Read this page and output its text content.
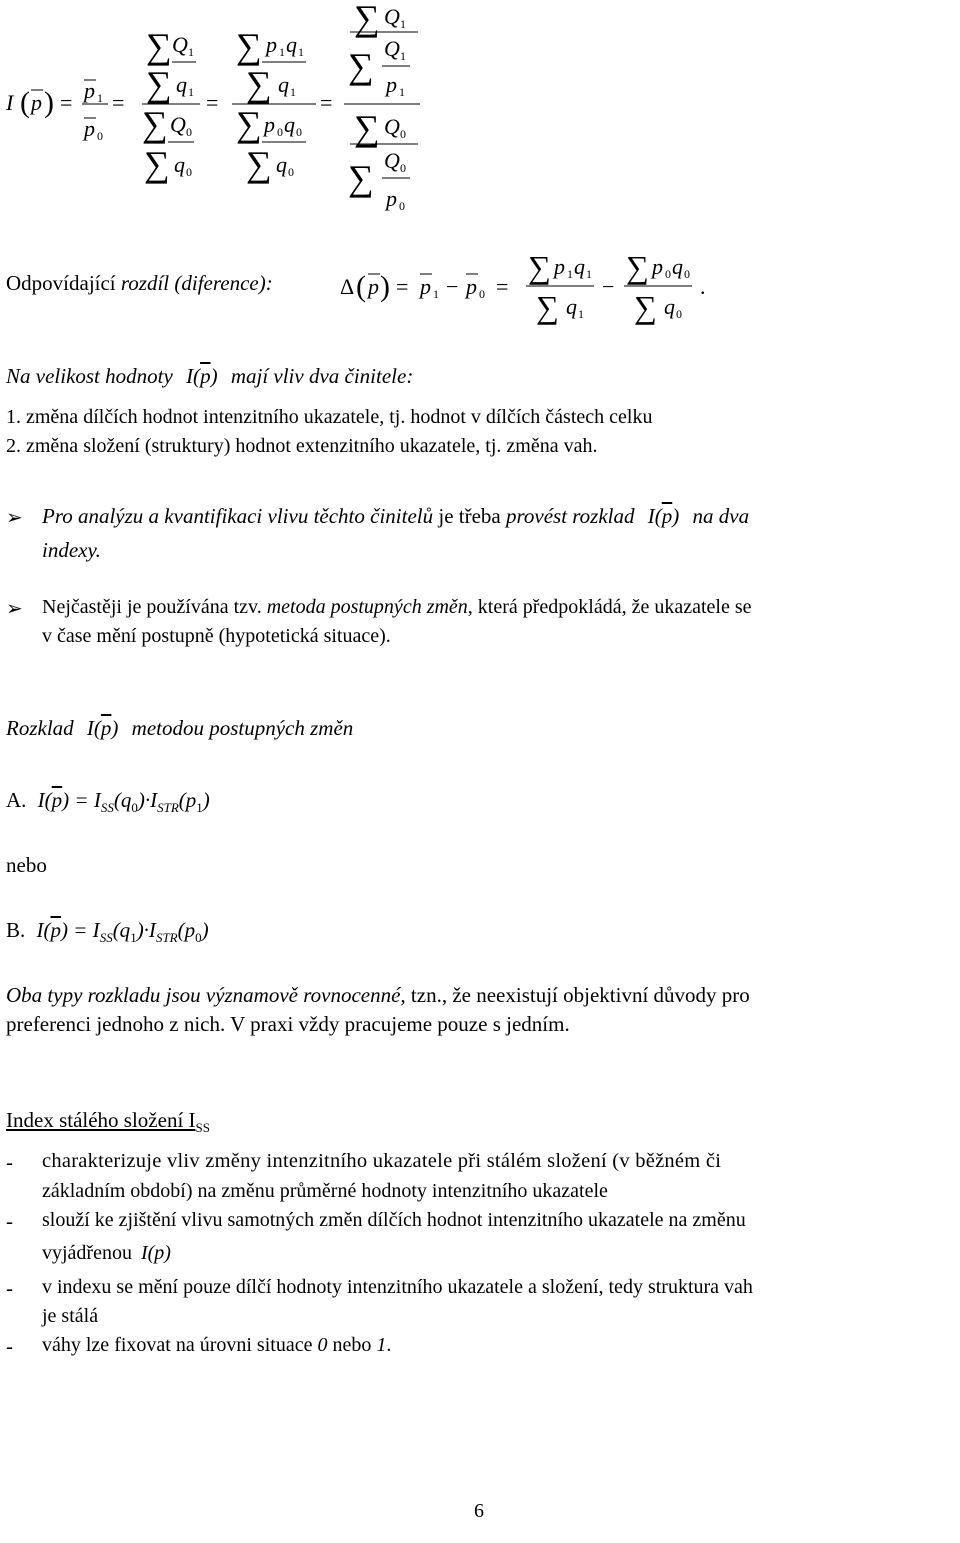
I ( p ) = p 1
p 0
=
∑ Q 1
∑ q 1
∑ Q 0
∑ q 0
=
∑ p 1 q 1
∑ q 1
∑ p 0 q 0
∑ q 0
=
∑ Q 1
∑ Q 1
p 1
∑ Q 0
∑ Q 0
p 0
Odpovídající rozdíl (diference):	Δ ( p ) = p 1 − p 0 =
∑ p 1 q 1
∑ q 1
−
∑ p 0 q 0
∑ q 0
.
Na velikost hodnoty $I(\overline{p})$ mají vliv dva činitele:
1. změna dílčích hodnot intenzitního ukazatele, tj. hodnot v dílčích částech celku
2. změna složení (struktury) hodnot extenzitního ukazatele, tj. změna vah.
➢ Pro analýzu a kvantifikaci vlivu těchto činitelů je třeba provést rozklad $I(\overline{p})$ na dva
indexy.
➢ Nejčastěji je používána tzv. metoda postupných změn, která předpokládá, že ukazatele se
v čase mění postupně (hypotetická situace).
Rozklad $I(\overline{p})$ metodou postupných změn
A. $I(\overline{p}) = I_{SS}(q_0)\cdot I_{STR}(p_1)$
nebo
B. $I(\overline{p}) = I_{SS}(q_1)\cdot I_{STR}(p_0)$
Oba typy rozkladu jsou významově rovnocenné, tzn., že neexistují objektivní důvody pro
preferenci jednoho z nich. V praxi vždy pracujeme pouze s jedním.
Index stálého složení $I_{SS}$
- charakterizuje vliv změny intenzitního ukazatele při stálém složení (v běžném či
základním období) na změnu průměrné hodnoty intenzitního ukazatele
- slouží ke zjištění vlivu samotných změn dílčích hodnot intenzitního ukazatele na změnu
vyjádřenou I(p)
- v indexu se mění pouze dílčí hodnoty intenzitního ukazatele a složení, tedy struktura vah
je stálá
- váhy lze fixovat na úrovni situace 0 nebo 1.
6
